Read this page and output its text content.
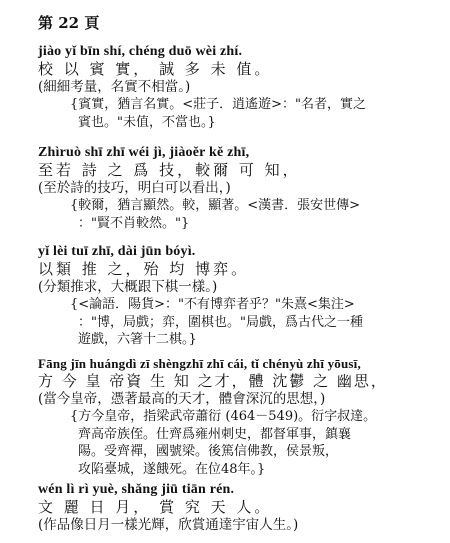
第 22 頁
jiào yǐ bīn shí, chéng duō wèi zhí.
校 以 賓 實， 誠 多 未 值。
(細細考量，名實不相當。)
{賓實，猶言名實。<莊子．逍遙遊>："名者，實之
賓也。"未值，不當也。}
Zhìruò shī zhī wéi jì, jiàoěr kě zhī,
至若 詩 之 爲 技，較爾 可 知，
(至於詩的技巧，明白可以看出，)
{較爾，猶言顯然。較，顯著。<漢書．張安世傳>
："賢不肖較然。"}
yǐ lèi tuī zhī, dài jūn bóyì.
以類 推 之，殆 均 博弈。
(分類推求，大概跟下棋一樣。)
{<論語．陽貨>："不有博弈者乎？"朱熹<集注>
："博，局戲；弈，圍棋也。"局戲，爲古代之一種
遊戲，六箸十二棋。}
Fāng jīn huángdì zī shèngzhī zhī cái, tǐ chényù zhī yōusī,
方 今 皇 帝資 生 知 之才，體 沈鬱 之 幽思，
(當今皇帝，憑著最高的天才，體會深沉的思想，)
{方今皇帝，指梁武帝蕭衍 (464－549)。衍字叔達。
齊高帝族侄。仕齊爲雍州刺史，都督軍事，鎮襄
陽。受齊禪，國號梁。後篤信佛教，侯景叛，
攻陷臺城，遂餓死。在位48年。}
wén lì rì yuè, shǎng jiū tiān rén.
文 麗 日 月， 賞 究 天 人。
(作品像日月一樣光輝，欣賞通達宇宙人生。)
